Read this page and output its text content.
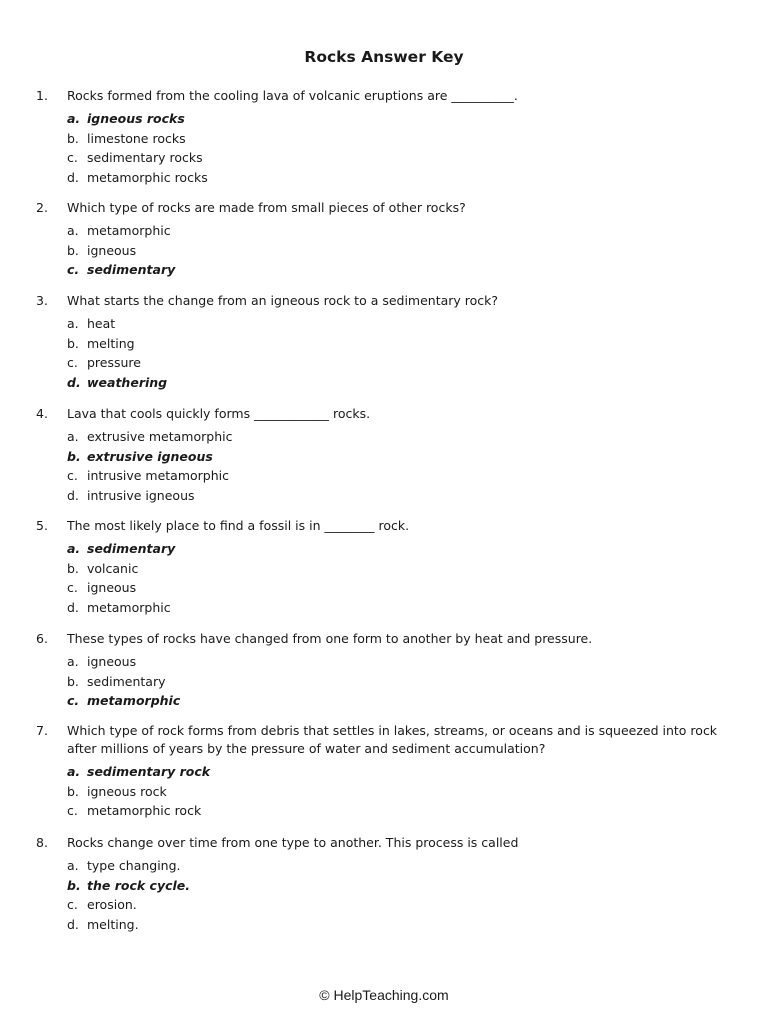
Rocks Answer Key
1.	Rocks formed from the cooling lava of volcanic eruptions are __________.
a. igneous rocks
b. limestone rocks
c. sedimentary rocks
d. metamorphic rocks
2.	Which type of rocks are made from small pieces of other rocks?
a. metamorphic
b. igneous
c. sedimentary
3.	What starts the change from an igneous rock to a sedimentary rock?
a. heat
b. melting
c. pressure
d. weathering
4.	Lava that cools quickly forms ____________ rocks.
a. extrusive metamorphic
b. extrusive igneous
c. intrusive metamorphic
d. intrusive igneous
5.	The most likely place to find a fossil is in ________ rock.
a. sedimentary
b. volcanic
c. igneous
d. metamorphic
6.	These types of rocks have changed from one form to another by heat and pressure.
a. igneous
b. sedimentary
c. metamorphic
7.	Which type of rock forms from debris that settles in lakes, streams, or oceans and is squeezed into rock after millions of years by the pressure of water and sediment accumulation?
a. sedimentary rock
b. igneous rock
c. metamorphic rock
8.	Rocks change over time from one type to another. This process is called
a. type changing.
b. the rock cycle.
c. erosion.
d. melting.
© HelpTeaching.com
